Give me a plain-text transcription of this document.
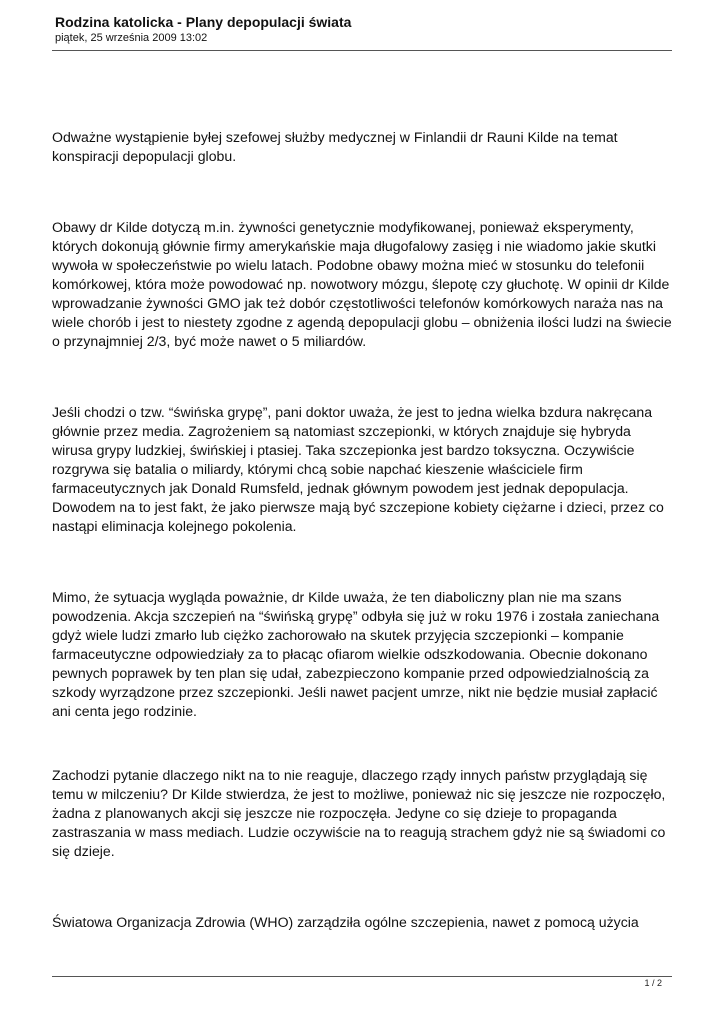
Rodzina katolicka - Plany depopulacji świata

piątek, 25 września 2009 13:02

Odważne wystąpienie byłej szefowej służby medycznej w Finlandii dr Rauni Kilde na temat konspiracji depopulacji globu.

Obawy dr Kilde dotyczą m.in. żywności genetycznie modyfikowanej, ponieważ eksperymenty, których dokonują głównie firmy amerykańskie maja długofalowy zasięg i nie wiadomo jakie skutki wywoła w społeczeństwie po wielu latach. Podobne obawy można mieć w stosunku do telefonii komórkowej, która może powodować np. nowotwory mózgu, ślepotę czy głuchotę. W opinii dr Kilde wprowadzanie żywności GMO jak też dobór częstotliwości telefonów komórkowych naraża nas na wiele chorób i jest to niestety zgodne z agendą depopulacji globu – obniżenia ilości ludzi na świecie o przynajmniej 2/3, być może nawet o 5 miliardów.

Jeśli chodzi o tzw. “świńska grypę”, pani doktor uważa, że jest to jedna wielka bzdura nakręcana głównie przez media. Zagrożeniem są natomiast szczepionki, w których znajduje się hybryda wirusa grypy ludzkiej, świńskiej i ptasiej. Taka szczepionka jest bardzo toksyczna. Oczywiście rozgrywa się batalia o miliardy, którymi chcą sobie napchać kieszenie właściciele firm farmaceutycznych jak Donald Rumsfeld, jednak głównym powodem jest jednak depopulacja. Dowodem na to jest fakt, że jako pierwsze mają być szczepione kobiety ciężarne i dzieci, przez co nastąpi eliminacja kolejnego pokolenia.

Mimo, że sytuacja wygląda poważnie, dr Kilde uważa, że ten diaboliczny plan nie ma szans powodzenia. Akcja szczepień na “świńską grypę” odbyła się już w roku 1976 i została zaniechana gdyż wiele ludzi zmarło lub ciężko zachorowało na skutek przyjęcia szczepionki – kompanie farmaceutyczne odpowiedziały za to płacąc ofiarom wielkie odszkodowania. Obecnie dokonano pewnych poprawek by ten plan się udał, zabezpieczono kompanie przed odpowiedzialnością za szkody wyrządzone przez szczepionki. Jeśli nawet pacjent umrze, nikt nie będzie musiał zapłacić ani centa jego rodzinie.

Zachodzi pytanie dlaczego nikt na to nie reaguje, dlaczego rządy innych państw przyglądają się temu w milczeniu? Dr Kilde stwierdza, że jest to możliwe, ponieważ nic się jeszcze nie rozpoczęło, żadna z planowanych akcji się jeszcze nie rozpoczęła. Jedyne co się dzieje to propaganda zastraszania w mass mediach. Ludzie oczywiście na to reagują strachem gdyż nie są świadomi co się dzieje.

Światowa Organizacja Zdrowia (WHO) zarządziła ogólne szczepienia, nawet z pomocą użycia

1 / 2
